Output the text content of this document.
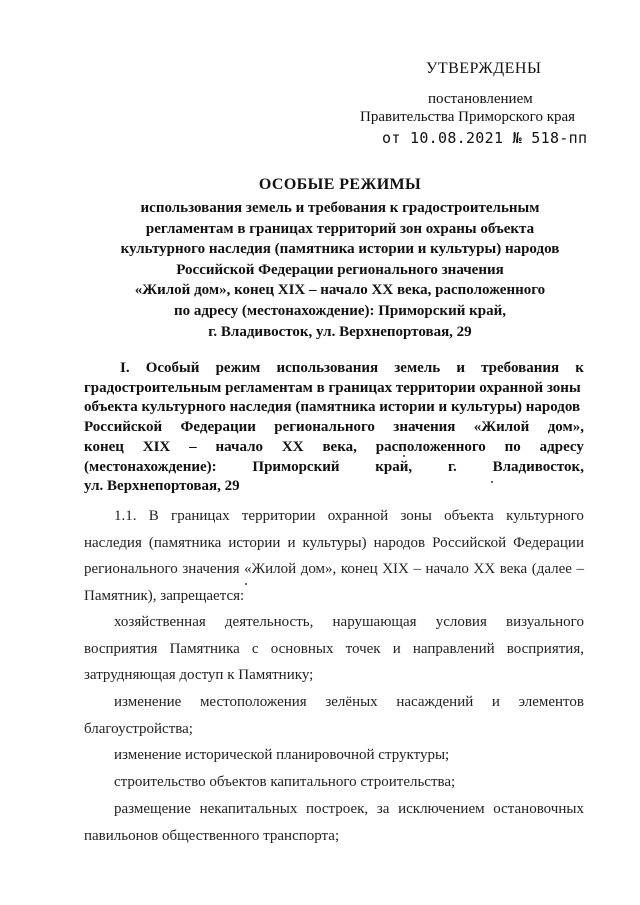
УТВЕРЖДЕНЫ
постановлением
Правительства Приморского края
от 10.08.2021 № 518-пп
ОСОБЫЕ РЕЖИМЫ
использования земель и требования к градостроительным
регламентам в границах территорий зон охраны объекта
культурного наследия (памятника истории и культуры) народов
Российской Федерации регионального значения
«Жилой дом», конец XIX – начало XX века, расположенного
по адресу (местонахождение): Приморский край,
г. Владивосток, ул. Верхнепортовая, 29
I. Особый режим использования земель и требования к
градостроительным регламентам в границах территории охранной зоны
объекта культурного наследия (памятника истории и культуры) народов
Российской Федерации регионального значения «Жилой дом»,
конец XIX – начало XX века, расположенного по адресу
(местонахождение): Приморский край, г. Владивосток,
ул. Верхнепортовая, 29
1.1. В границах территории охранной зоны объекта культурного
наследия (памятника истории и культуры) народов Российской Федерации
регионального значения «Жилой дом», конец XIX – начало XX века (далее –
Памятник), запрещается:
хозяйственная деятельность, нарушающая условия визуального
восприятия Памятника с основных точек и направлений восприятия,
затрудняющая доступ к Памятнику;
изменение местоположения зелёных насаждений и элементов
благоустройства;

изменение исторической планировочной структуры;

строительство объектов капитального строительства;

размещение некапитальных построек, за исключением остановочных
павильонов общественного транспорта;
